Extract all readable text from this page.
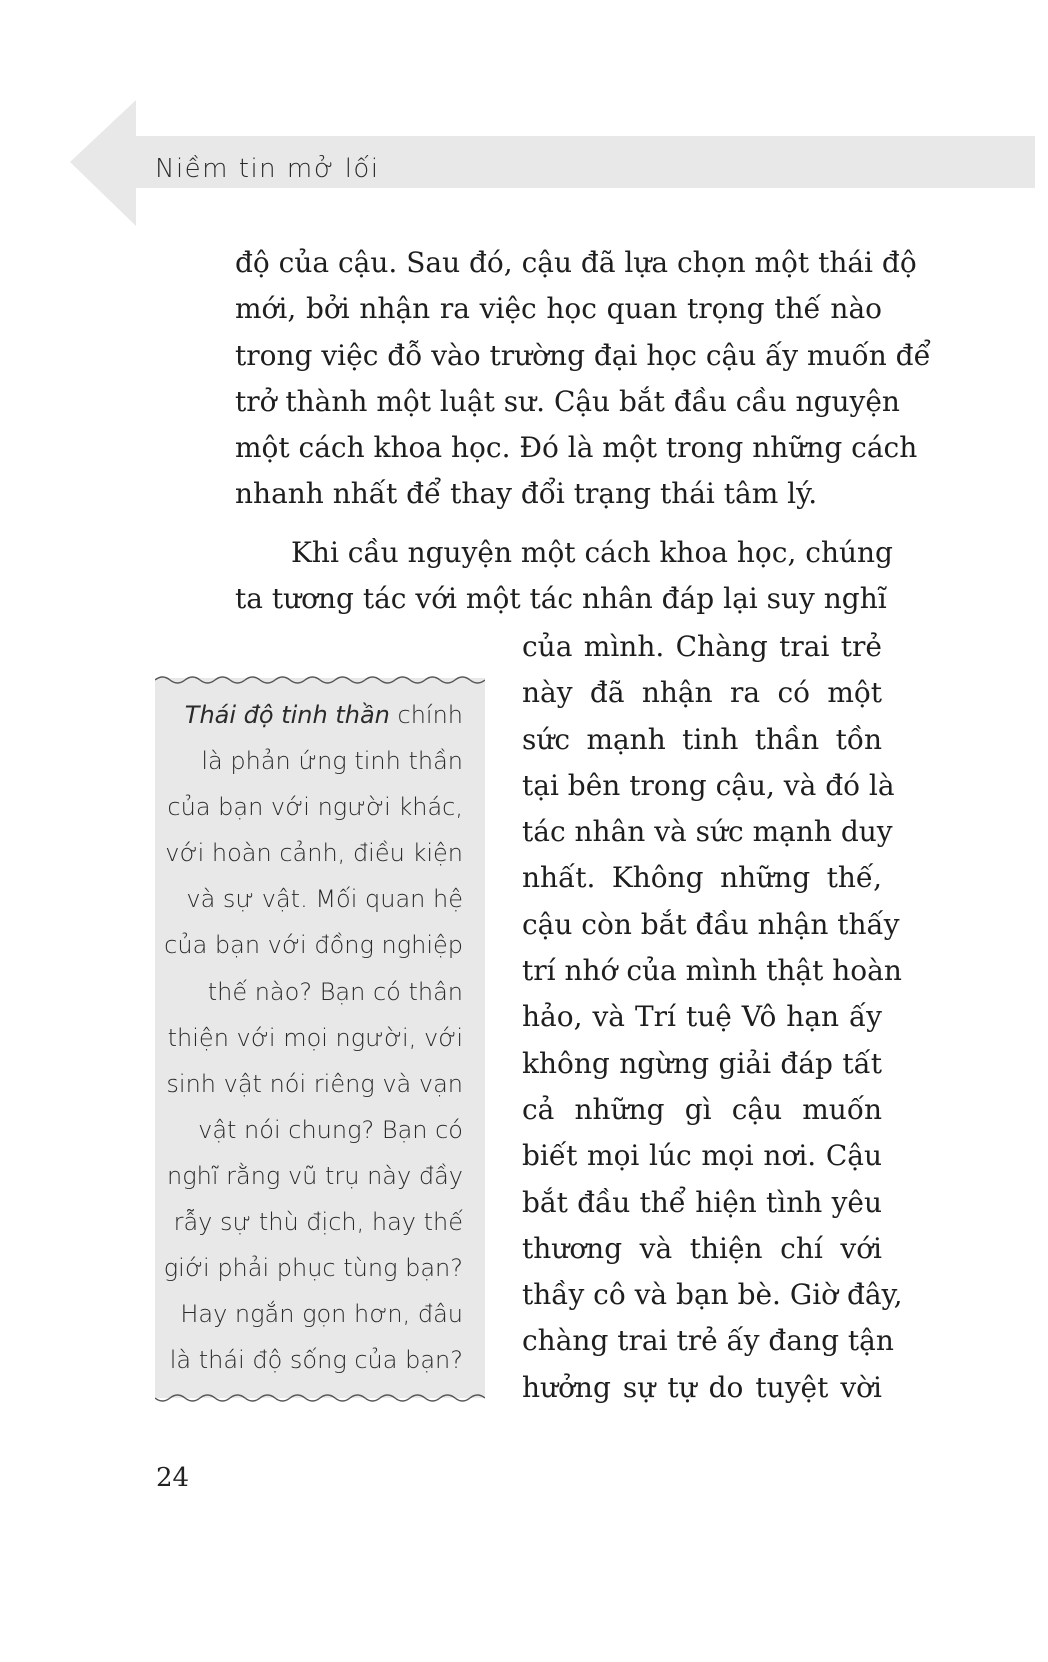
Niềm tin mở lối
độ của cậu. Sau đó, cậu đã lựa chọn một thái độ
mới, bởi nhận ra việc học quan trọng thế nào
trong việc đỗ vào trường đại học cậu ấy muốn để
trở thành một luật sư. Cậu bắt đầu cầu nguyện
một cách khoa học. Đó là một trong những cách
nhanh nhất để thay đổi trạng thái tâm lý.
Khi cầu nguyện một cách khoa học, chúng
ta tương tác với một tác nhân đáp lại suy nghĩ
của mình. Chàng trai trẻ
này đã nhận ra có một
sức mạnh tinh thần tồn
tại bên trong cậu, và đó là
tác nhân và sức mạnh duy
nhất. Không những thế,
cậu còn bắt đầu nhận thấy
trí nhớ của mình thật hoàn
hảo, và Trí tuệ Vô hạn ấy
không ngừng giải đáp tất
cả những gì cậu muốn
biết mọi lúc mọi nơi. Cậu
bắt đầu thể hiện tình yêu
thương và thiện chí với
thầy cô và bạn bè. Giờ đây,
chàng trai trẻ ấy đang tận
hưởng sự tự do tuyệt vời
Thái độ tinh thần chính
là phản ứng tinh thần
của bạn với người khác,
với hoàn cảnh, điều kiện
và sự vật. Mối quan hệ
của bạn với đồng nghiệp
thế nào? Bạn có thân
thiện với mọi người, với
sinh vật nói riêng và vạn
vật nói chung? Bạn có
nghĩ rằng vũ trụ này đầy
rẫy sự thù địch, hay thế
giới phải phục tùng bạn?
Hay ngắn gọn hơn, đâu
là thái độ sống của bạn?
24
